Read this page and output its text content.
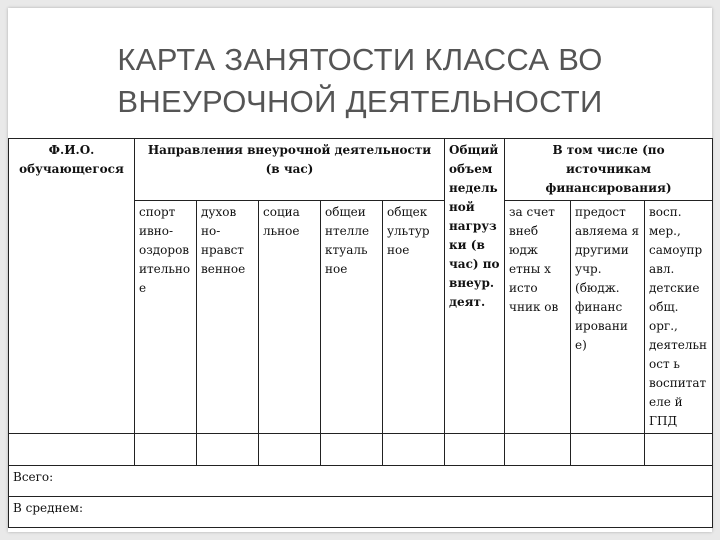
КАРТА ЗАНЯТОСТИ КЛАССА ВО
ВНЕУРОЧНОЙ ДЕЯТЕЛЬНОСТИ
Ф.И.О. обучающегося	Направления внеурочной деятельности (в час)					Общий объем недельной нагрузки (в час) по внеур. деят.	В том числе (по источникам финансирования)		
	спорт ивно-оздоровительное	духов но-нравст венное	социа льное	общеи нтелле ктуаль ное	общек ультур ное		за счет внеб юдж етны х исто чник ов	предост авляема я другими учр. (бюдж. финанс ировани е)	восп. мер., самоуправл. детские общ. орг., деятельност ь воспитателе й ГПД

Всего:									
В среднем:									
